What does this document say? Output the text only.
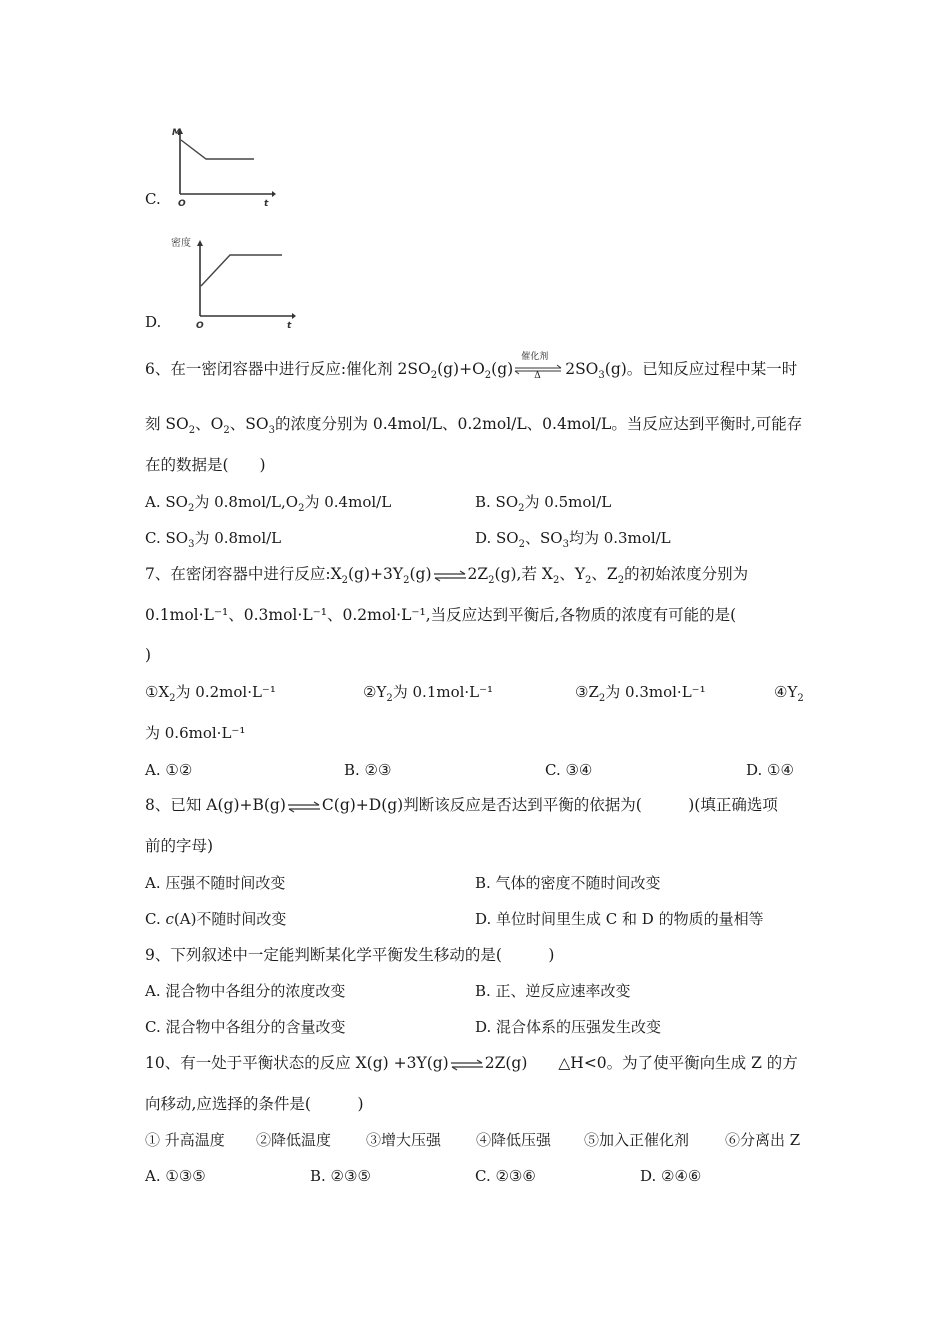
C.
M
O	t
D.
密度
O	t
6、在一密闭容器中进行反应:催化剂 $2SO_2(g)+O_2(g)$
催化剂
Δ $2SO_3(g)$。已知反应过程中某一时
刻 $SO_2$、$O_2$、$SO_3$的浓度分别为 0.4mol/L、0.2mol/L、0.4mol/L。当反应达到平衡时,可能存
在的数据是(　　)
A. $SO_2$为 $0.8mol/L,O_2$为 0.4mol/L	B. $SO_2$为 0.5mol/L
C. $SO_3$为 0.8mol/L	D. $SO_2$、$SO_3$均为 0.3mol/L
7、在密闭容器中进行反应$:X_2(g)+3Y_2(g)\rightleftharpoons 2Z_2(g)$,若 $X_2$、$Y_2$、$Z_2$的初始浓度分别为
0.1mol·L⁻¹、0.3mol·L⁻¹、0.2mol·L⁻¹,当反应达到平衡后,各物质的浓度有可能的是(
)
$①X_2$为 0.2mol·L⁻¹	$②Y_2$为 0.1mol·L⁻¹	$③Z_2$为 0.3mol·L⁻¹	$④Y_2$
为 0.6mol·L⁻¹
A. ①②	B. ②③	C. ③④	D. ①④
8、已知 A(g)+B(g)⇌C(g)+D(g)判断该反应是否达到平衡的依据为(　　　)(填正确选项
前的字母)
A. 压强不随时间改变	B. 气体的密度不随时间改变
C. c(A)不随时间改变	D. 单位时间里生成 C 和 D 的物质的量相等
9、下列叙述中一定能判断某化学平衡发生移动的是(　　　)
A. 混合物中各组分的浓度改变	B. 正、逆反应速率改变
C. 混合物中各组分的含量改变	D. 混合体系的压强发生改变
10、有一处于平衡状态的反应 X(g) +3Y(g)⇌2Z(g)　　△H<0。为了使平衡向生成 Z 的方
向移动,应选择的条件是(　　　)
① 升高温度 ②降低温度 ③增大压强 ④降低压强 ⑤加入正催化剂 ⑥分离出 Z
A. ①③⑤	B. ②③⑤	C. ②③⑥	D. ②④⑥
